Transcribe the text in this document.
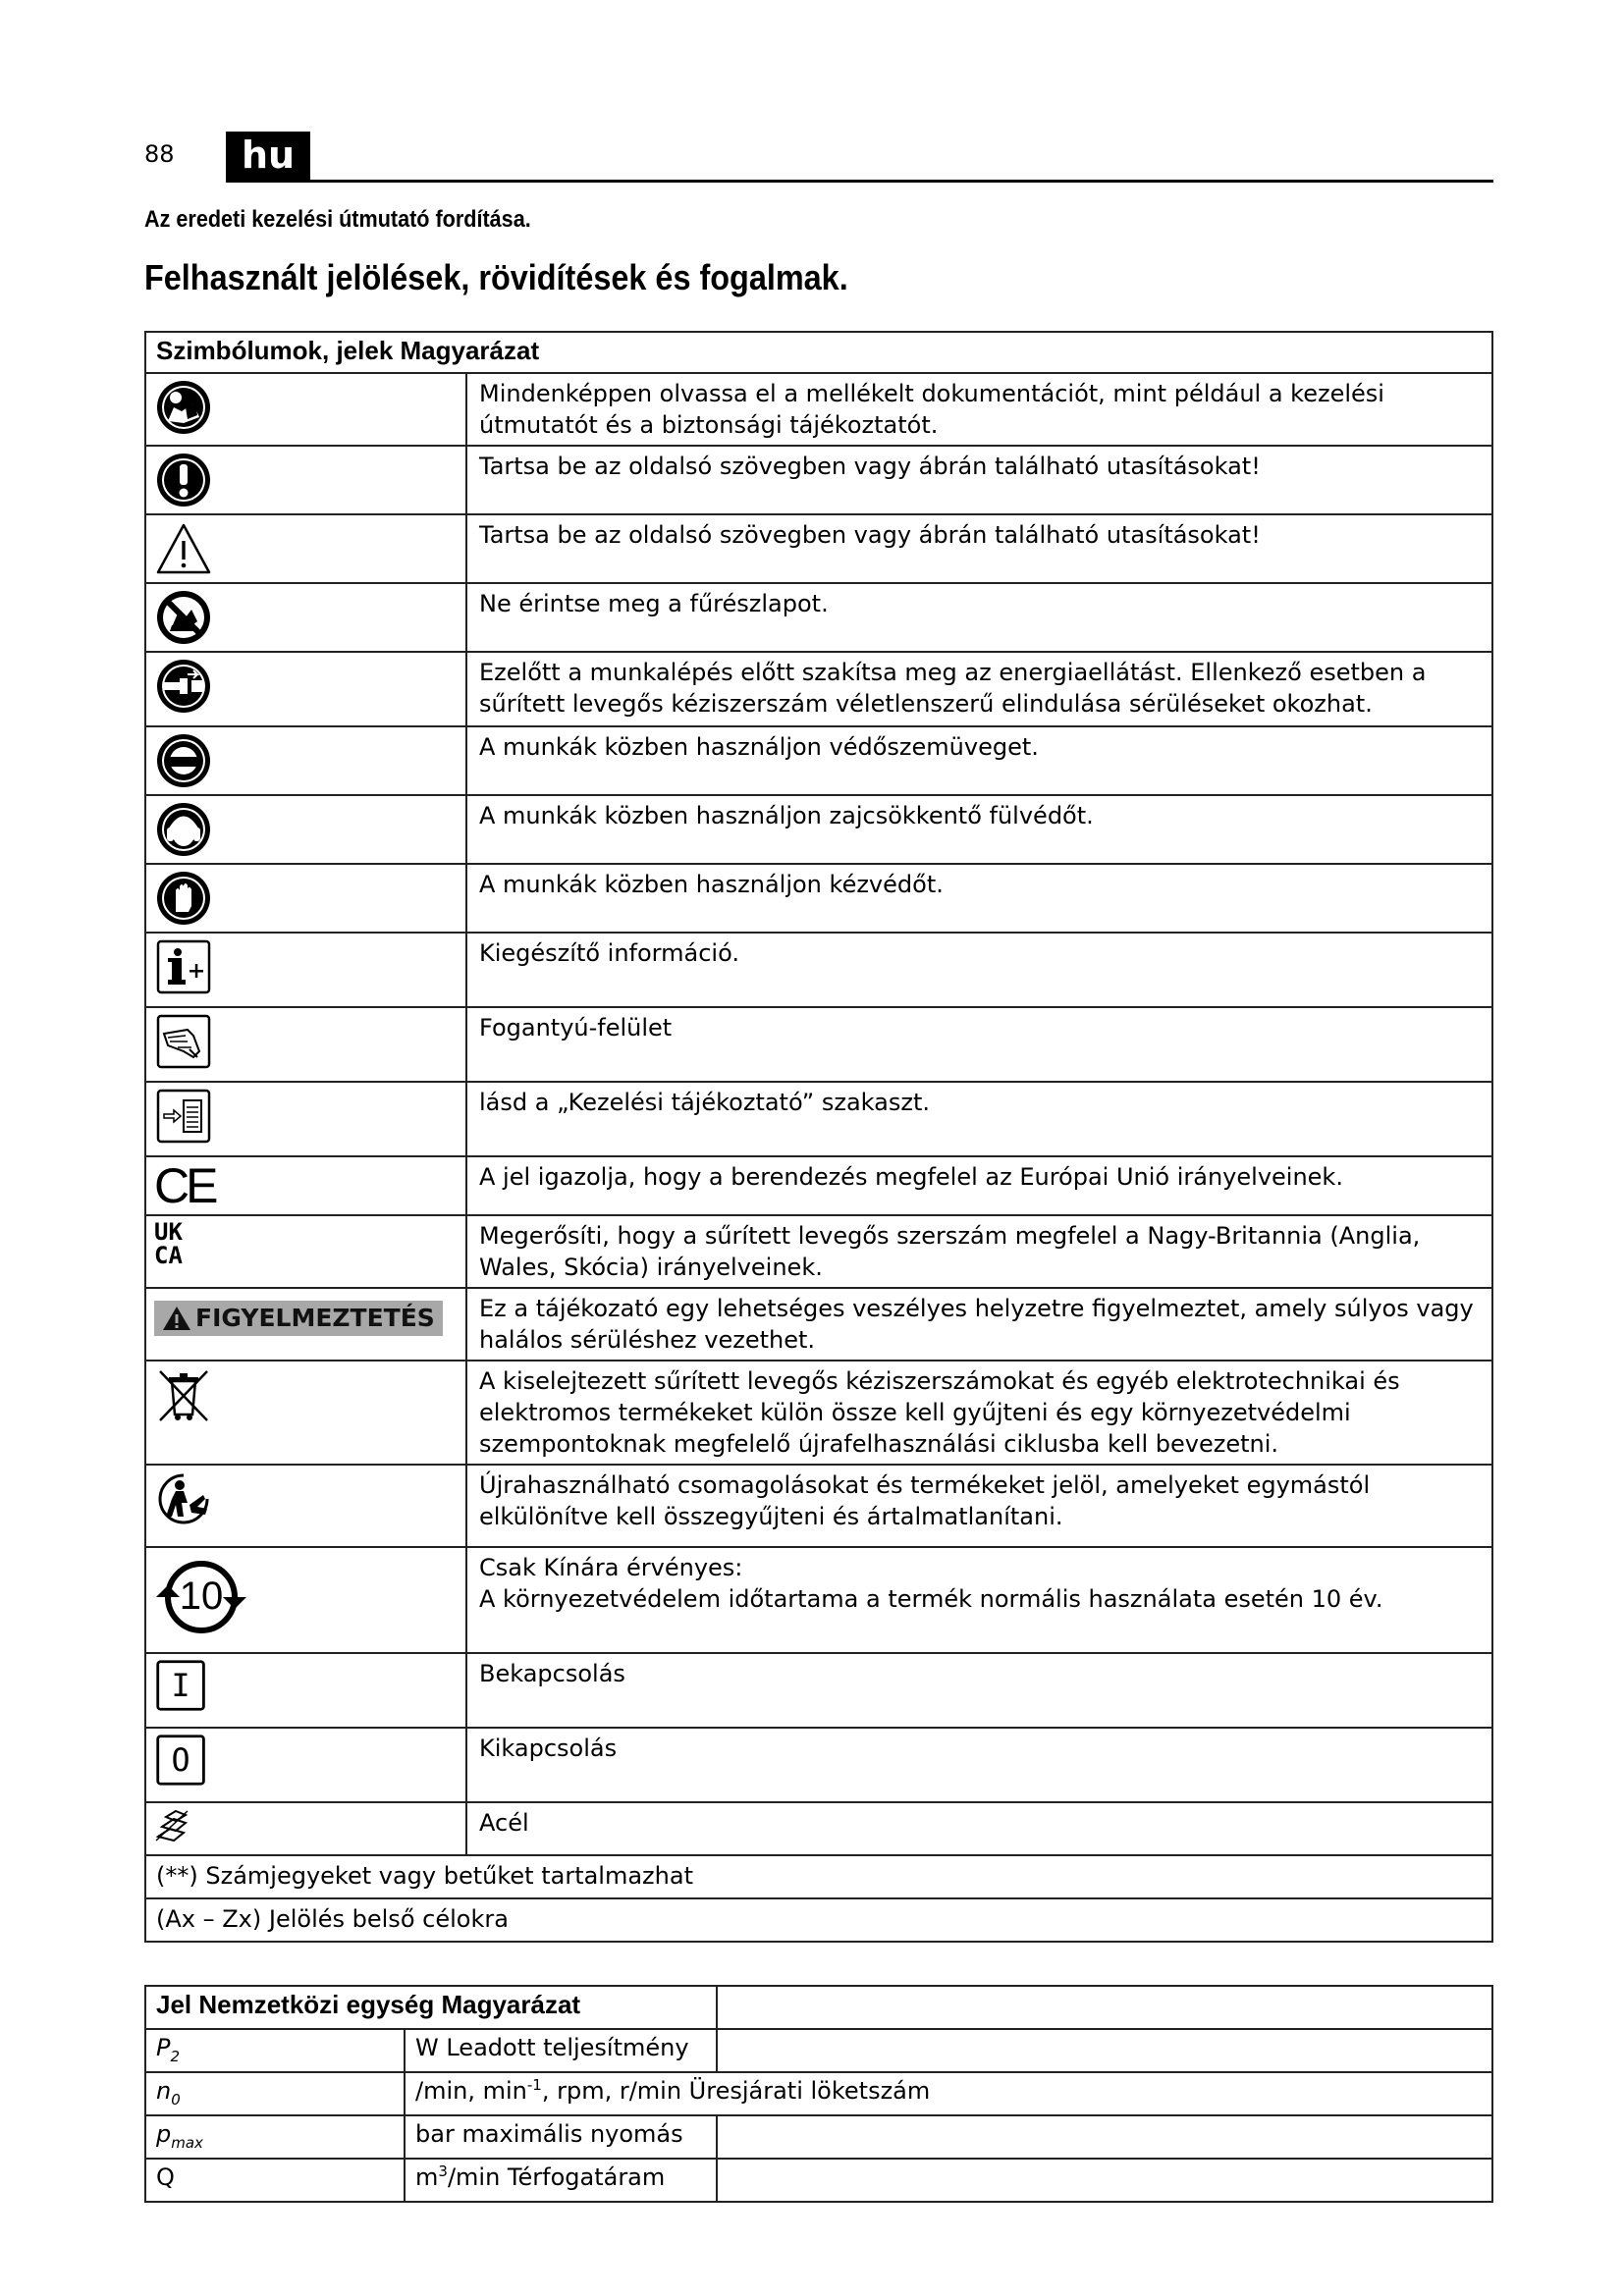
88	hu
Az eredeti kezelési útmutató fordítása.
Felhasznált jelölések, rövidítések és fogalmak.
Szimbólumok, jelek Magyarázat	

	Mindenképpen olvassa el a mellékelt dokumentációt, mint például a kezelési útmutatót és a biztonsági tájékoztatót.

	Tartsa be az oldalsó szövegben vagy ábrán található utasításokat!

	Tartsa be az oldalsó szövegben vagy ábrán található utasításokat!

	Ne érintse meg a fűrészlapot.

	Ezelőtt a munkalépés előtt szakítsa meg az energiaellátást. Ellenkező esetben a sűrített levegős kéziszerszám véletlenszerű elindulása sérüléseket okozhat.

	A munkák közben használjon védőszemüveget.

	A munkák közben használjon zajcsökkentő fülvédőt.

	A munkák közben használjon kézvédőt.

	Kiegészítő információ.

	Fogantyú-felület

	lásd a „Kezelési tájékoztató” szakaszt.
CE	A jel igazolja, hogy a berendezés megfelel az Európai Unió irányelveinek.

UK
CA	Megerősíti, hogy a sűrített levegős szerszám megfelel a Nagy-Britannia (Anglia, Wales, Skócia) irányelveinek.

FIGYELMEZTETÉS	Ez a tájékozató egy lehetséges veszélyes helyzetre figyelmeztet, amely súlyos vagy halálos sérüléshez vezethet.

	A kiselejtezett sűrített levegős kéziszerszámokat és egyéb elektrotechnikai és elektromos termékeket külön össze kell gyűjteni és egy környezetvédelmi szempontoknak megfelelő újrafelhasználási ciklusba kell bevezetni.

	Újrahasználható csomagolásokat és termékeket jelöl, amelyeket egymástól elkülönítve kell összegyűjteni és ártalmatlanítani.

10	Csak Kínára érvényes:
A környezetvédelem időtartama a termék normális használata esetén 10 év.

I	Bekapcsolás

O	Kikapcsolás
	Acél
(**) Számjegyeket vagy betűket tartalmazhat	
(Ax – Zx) Jelölés belső célokra	
Jel Nemzetközi egység Magyarázat		
$P_2$	W Leadott teljesítmény	
$n_0$	/min, $\min^{-1}$, rpm, r/min Üresjárati löketszám	
$p_{max}$	bar maximális nyomás	
Q	$m^3/\min$ Térfogatáram	
